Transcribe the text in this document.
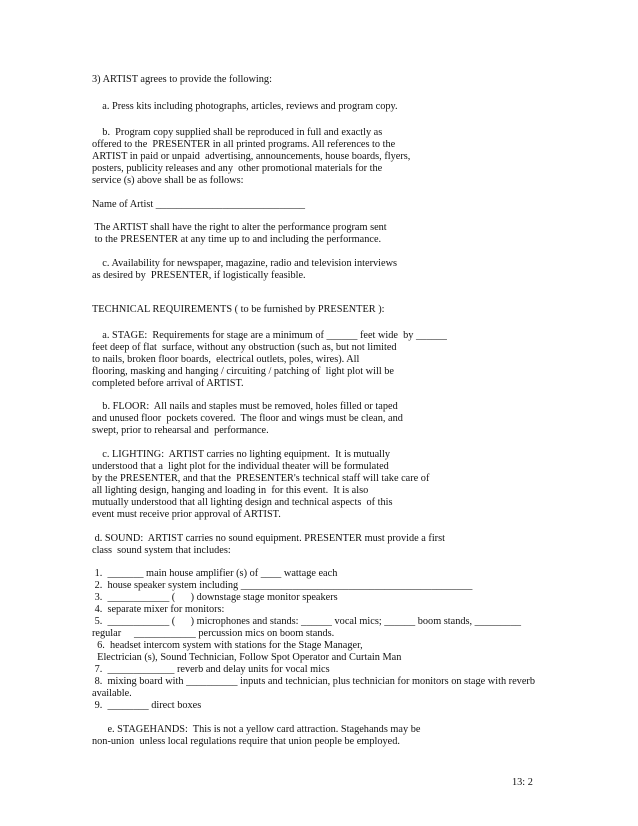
3) ARTIST agrees to provide the following:
a. Press kits including photographs, articles, reviews and program copy.
b.  Program copy supplied shall be reproduced in full and exactly as
offered to the  PRESENTER in all printed programs. All references to the
ARTIST in paid or unpaid  advertising, announcements, house boards, flyers,
posters, publicity releases and any  other promotional materials for the
service (s) above shall be as follows:
Name of Artist _____________________________
The ARTIST shall have the right to alter the performance program sent
to the PRESENTER at any time up to and including the performance.
c. Availability for newspaper, magazine, radio and television interviews
as desired by  PRESENTER, if logistically feasible.
TECHNICAL REQUIREMENTS ( to be furnished by PRESENTER ):
a. STAGE:  Requirements for stage are a minimum of ______ feet wide  by ______
feet deep of flat  surface, without any obstruction (such as, but not limited
to nails, broken floor boards,  electrical outlets, poles, wires). All
flooring, masking and hanging / circuiting / patching of  light plot will be
completed before arrival of ARTIST.
b. FLOOR:  All nails and staples must be removed, holes filled or taped
and unused floor  pockets covered.  The floor and wings must be clean, and
swept, prior to rehearsal and  performance.
c. LIGHTING:  ARTIST carries no lighting equipment.  It is mutually
understood that a  light plot for the individual theater will be formulated
by the PRESENTER, and that the  PRESENTER's technical staff will take care of
all lighting design, hanging and loading in  for this event.  It is also
mutually understood that all lighting design and technical aspects  of this
event must receive prior approval of ARTIST.
d. SOUND:  ARTIST carries no sound equipment. PRESENTER must provide a first
class  sound system that includes:
1.  _______ main house amplifier (s) of ____ wattage each
2.  house speaker system including _____________________________________________
3.  ____________ (      ) downstage stage monitor speakers
4.  separate mixer for monitors:
5.  ____________ (      ) microphones and stands: ______ vocal mics; ______ boom stands, _________
regular     ____________ percussion mics on boom stands.
6.  headset intercom system with stations for the Stage Manager,
Electrician (s), Sound Technician, Follow Spot Operator and Curtain Man
7.  _____________ reverb and delay units for vocal mics
8.  mixing board with __________ inputs and technician, plus technician for monitors on stage with reverb
available.
9.  ________ direct boxes
e. STAGEHANDS:  This is not a yellow card attraction. Stagehands may be
non-union  unless local regulations require that union people be employed.
13: 2
